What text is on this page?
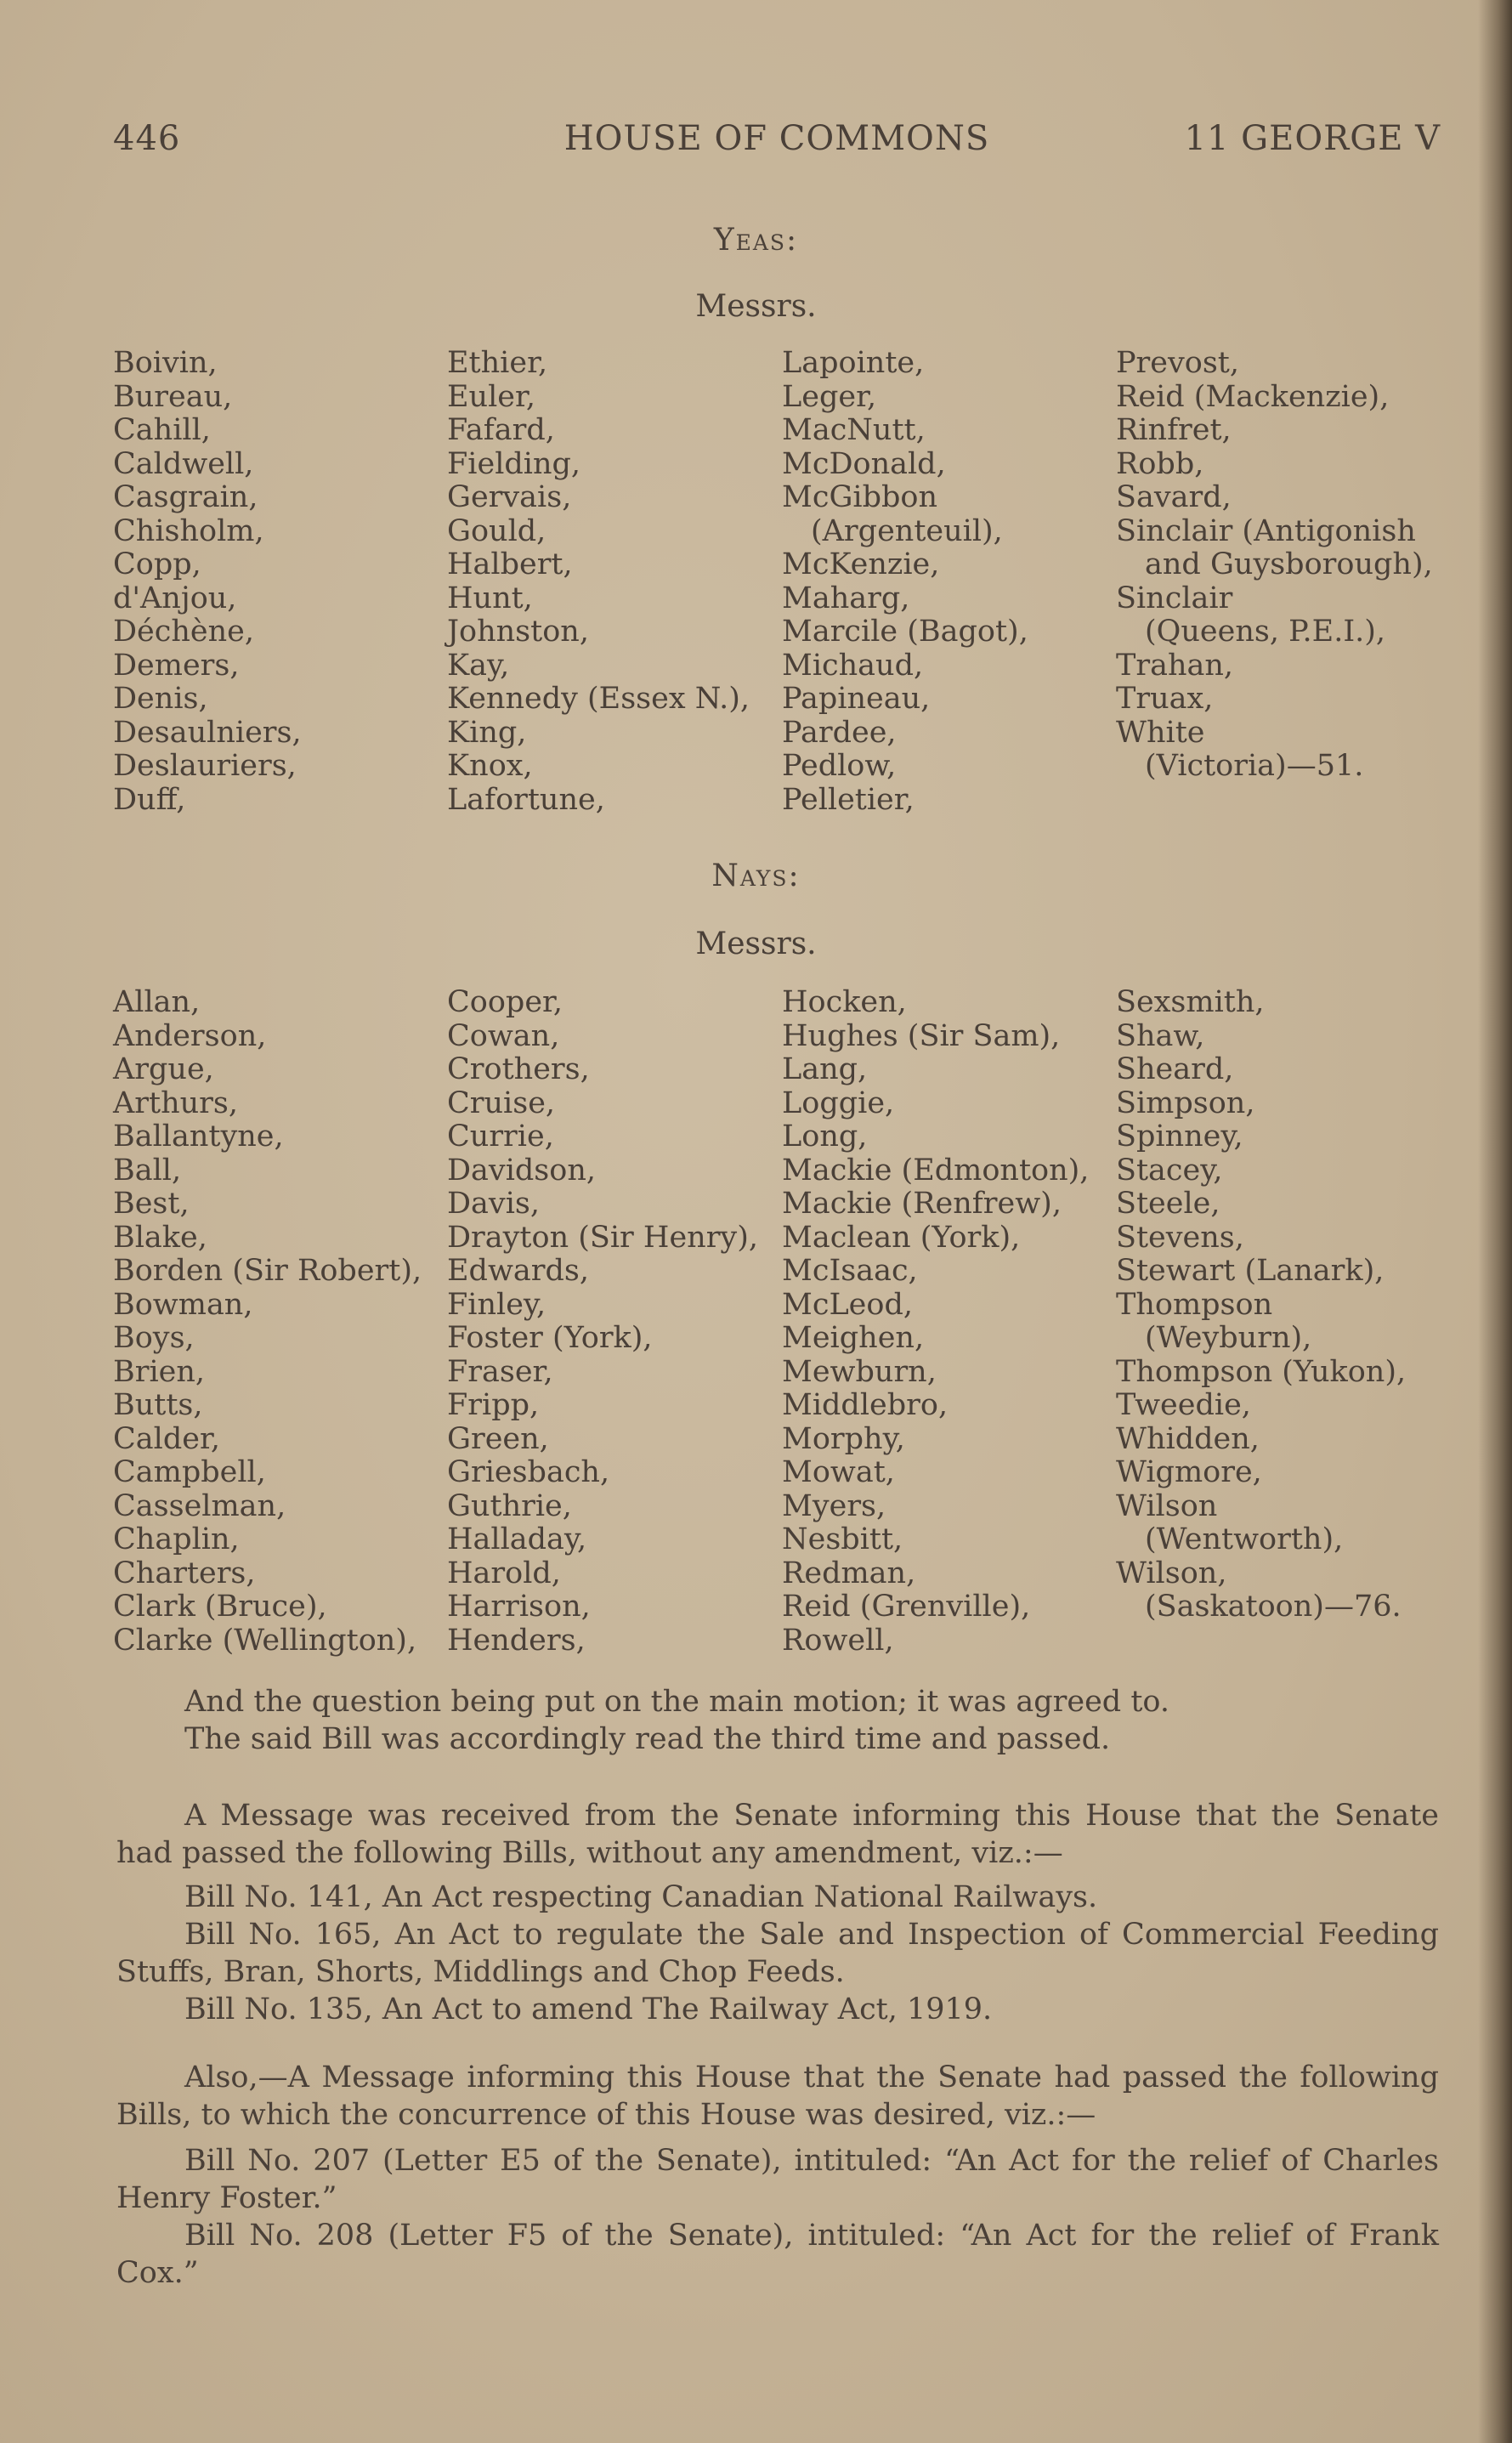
446	HOUSE OF COMMONS	11 GEORGE V
Yeas:
Messrs.
Boivin,
Bureau,
Cahill,
Caldwell,
Casgrain,
Chisholm,
Copp,
d'Anjou,
Déchène,
Demers,
Denis,
Desaulniers,
Deslauriers,
Duff,
Ethier,
Euler,
Fafard,
Fielding,
Gervais,
Gould,
Halbert,
Hunt,
Johnston,
Kay,
Kennedy (Essex N.),
King,
Knox,
Lafortune,
Lapointe,
Leger,
MacNutt,
McDonald,
McGibbon
(Argenteuil),
McKenzie,
Maharg,
Marcile (Bagot),
Michaud,
Papineau,
Pardee,
Pedlow,
Pelletier,
Prevost,
Reid (Mackenzie),
Rinfret,
Robb,
Savard,
Sinclair (Antigonish
and Guysborough),
Sinclair
(Queens, P.E.I.),
Trahan,
Truax,
White
(Victoria)—51.
Nays:
Messrs.
Allan,
Anderson,
Argue,
Arthurs,
Ballantyne,
Ball,
Best,
Blake,
Borden (Sir Robert),
Bowman,
Boys,
Brien,
Butts,
Calder,
Campbell,
Casselman,
Chaplin,
Charters,
Clark (Bruce),
Clarke (Wellington),
Cooper,
Cowan,
Crothers,
Cruise,
Currie,
Davidson,
Davis,
Drayton (Sir Henry),
Edwards,
Finley,
Foster (York),
Fraser,
Fripp,
Green,
Griesbach,
Guthrie,
Halladay,
Harold,
Harrison,
Henders,
Hocken,
Hughes (Sir Sam),
Lang,
Loggie,
Long,
Mackie (Edmonton),
Mackie (Renfrew),
Maclean (York),
McIsaac,
McLeod,
Meighen,
Mewburn,
Middlebro,
Morphy,
Mowat,
Myers,
Nesbitt,
Redman,
Reid (Grenville),
Rowell,
Sexsmith,
Shaw,
Sheard,
Simpson,
Spinney,
Stacey,
Steele,
Stevens,
Stewart (Lanark),
Thompson
(Weyburn),
Thompson (Yukon),
Tweedie,
Whidden,
Wigmore,
Wilson
(Wentworth),
Wilson,
(Saskatoon)—76.

And the question being put on the main motion; it was agreed to.

The said Bill was accordingly read the third time and passed.

A Message was received from the Senate informing this House that the Senate had passed the following Bills, without any amendment, viz.:—

Bill No. 141, An Act respecting Canadian National Railways.

Bill No. 165, An Act to regulate the Sale and Inspection of Commercial Feeding Stuffs, Bran, Shorts, Middlings and Chop Feeds.

Bill No. 135, An Act to amend The Railway Act, 1919.

Also,—A Message informing this House that the Senate had passed the following Bills, to which the concurrence of this House was desired, viz.:—

Bill No. 207 (Letter E5 of the Senate), intituled: “An Act for the relief of Charles Henry Foster.”

Bill No. 208 (Letter F5 of the Senate), intituled: “An Act for the relief of Frank Cox.”
